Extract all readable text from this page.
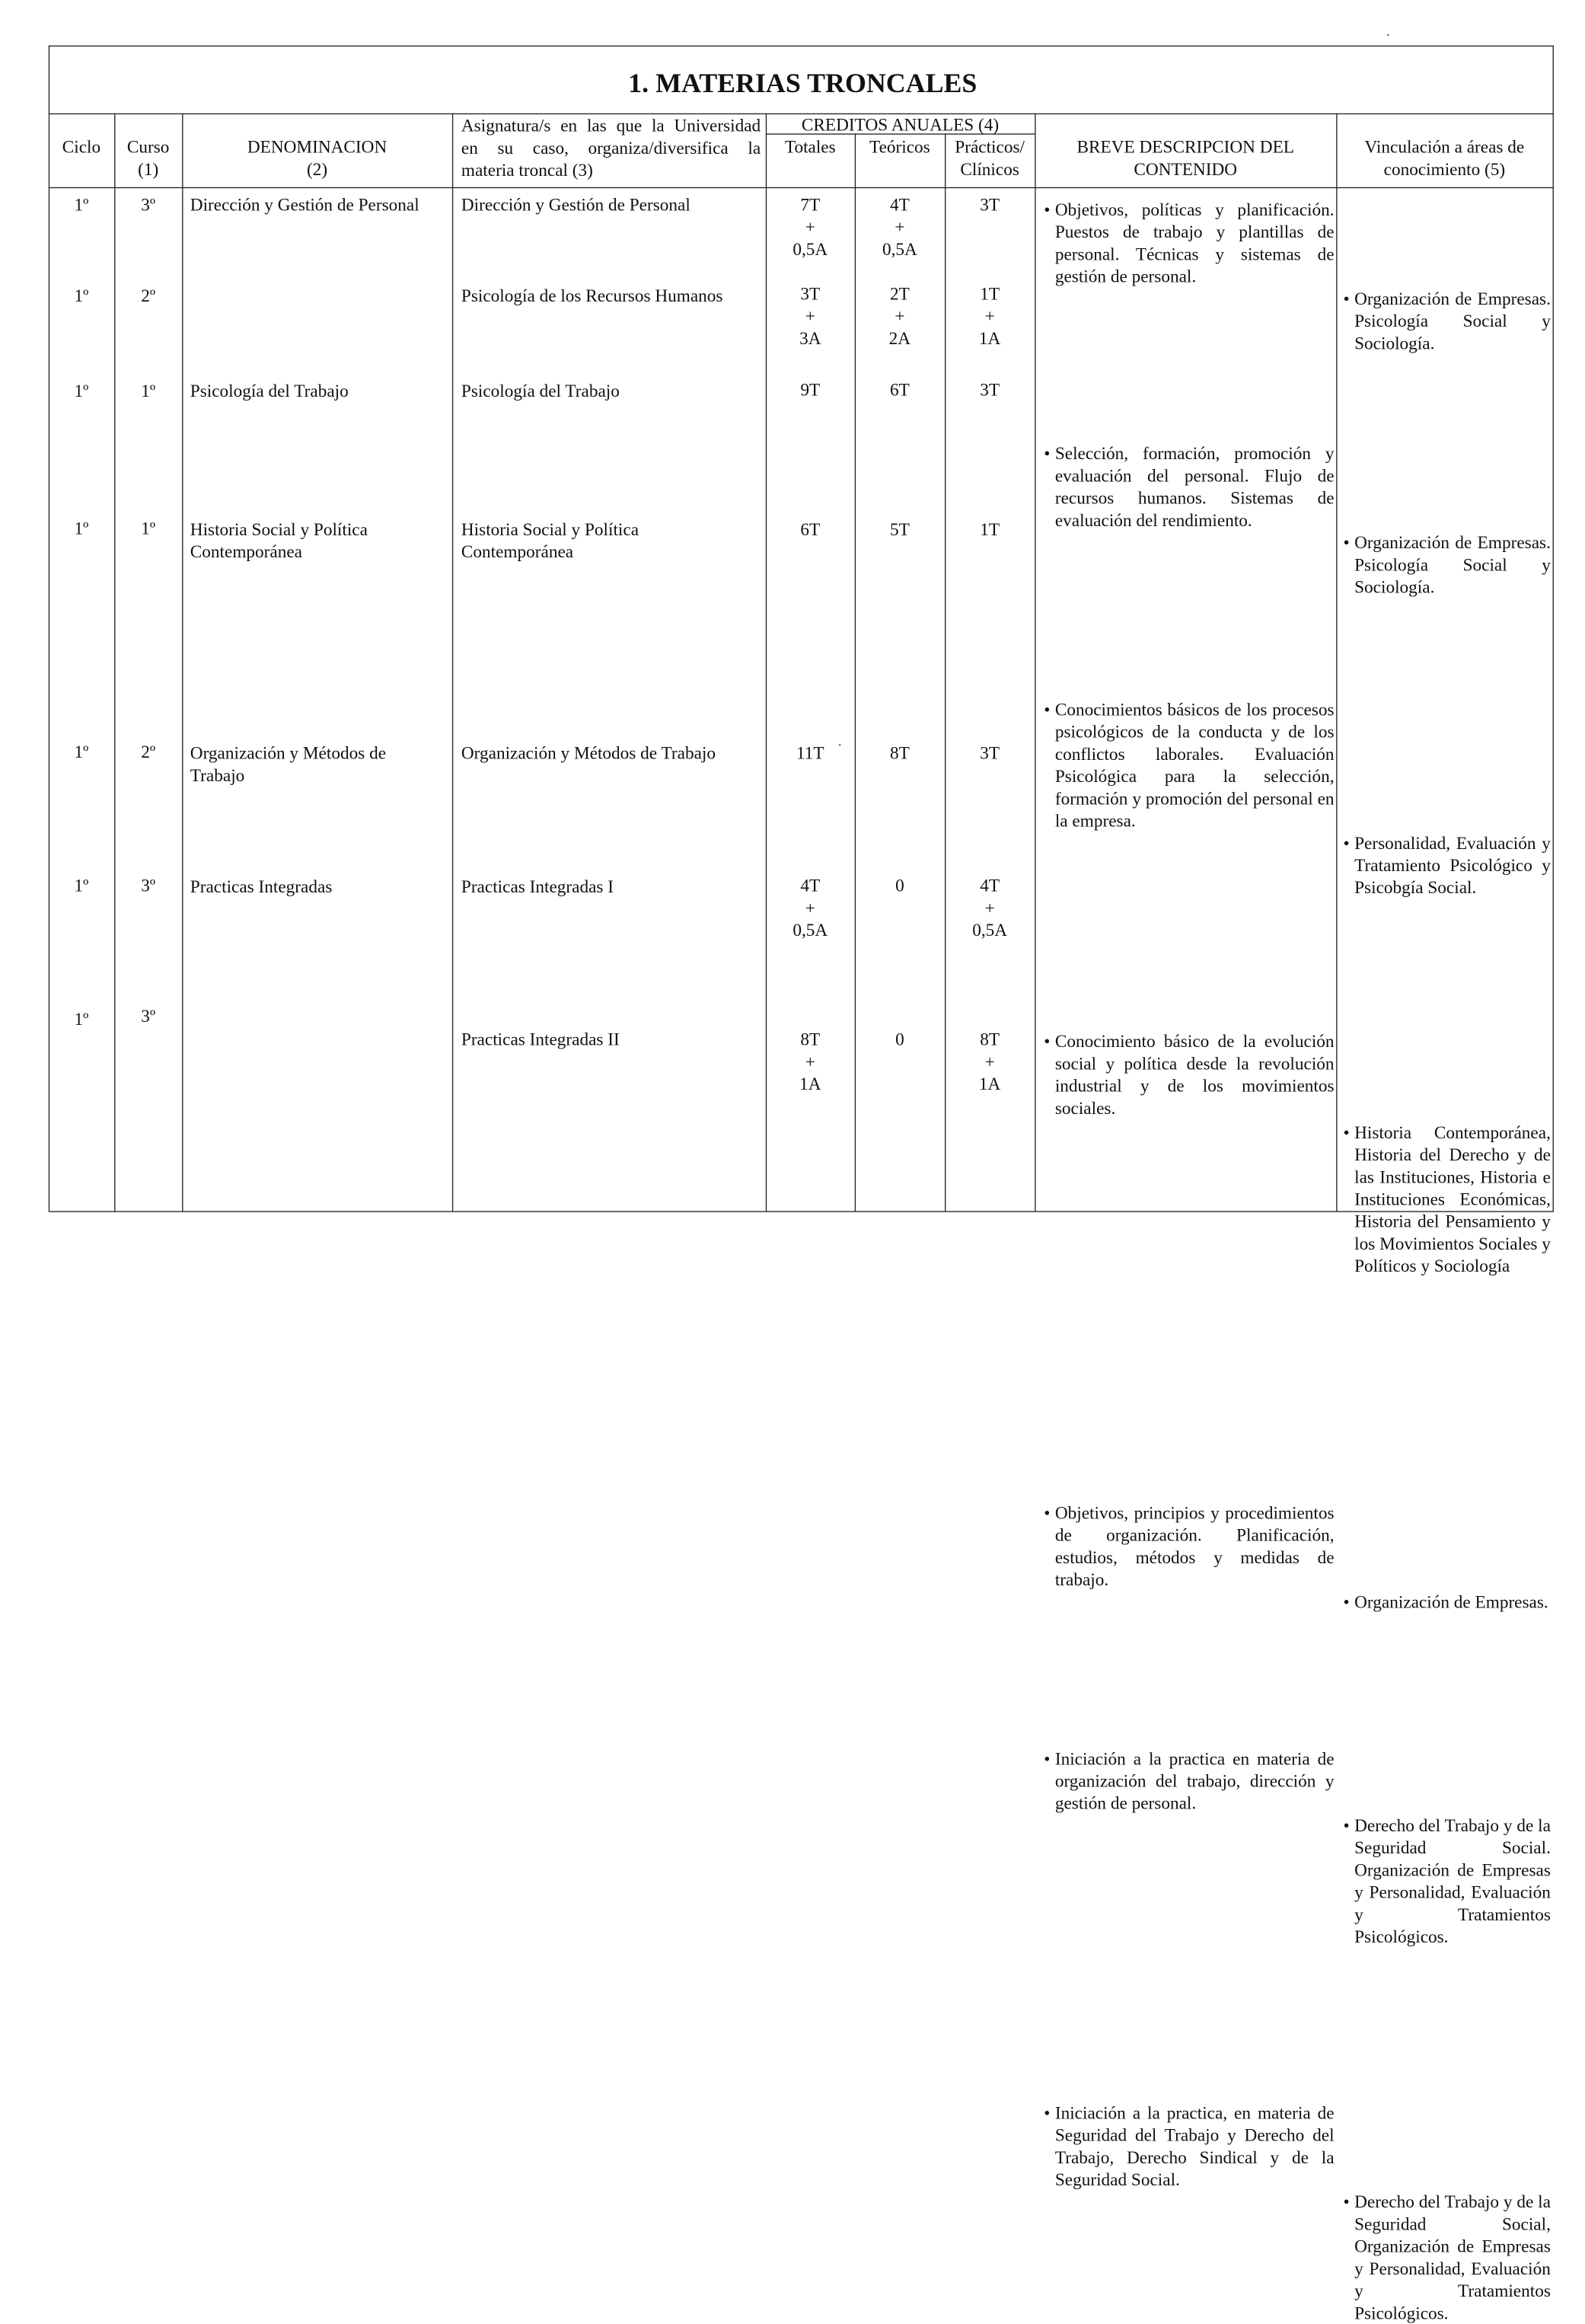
1. MATERIAS TRONCALES
Ciclo	Curso
(1)
DENOMINACION
(2)
Asignatura/s en las que la Universidad
en su caso, organiza/diversifica la
materia troncal (3)
CREDITOS ANUALES (4)
Totales	Teóricos	Prácticos/
Clínicos
BREVE DESCRIPCION DEL
CONTENIDO
Vinculación a áreas de
conocimiento (5)
1º	3º	Dirección y Gestión de Personal	Dirección y Gestión de Personal	7T
+
0,5A
4T
+
0,5A
3T
•	Objetivos, políticas y planificación. Puestos de trabajo y plantillas de personal. Técnicas y sistemas de gestión de personal.
• Organización de Empresas. Psicología Social y Sociología.
1º	2º	Psicología de los Recursos Humanos	3T
+
3A
2T
+
2A
1T
+
1A
• Selección, formación, promoción y evaluación del personal. Flujo de recursos humanos. Sistemas de evaluación del rendimiento.
• Organización de Empresas. Psicología Social y Sociología.
1º	1º	Psicología del Trabajo	Psicología del Trabajo	9T	6T	3T
• Conocimientos básicos de los procesos psicológicos de la conducta y de los conflictos laborales. Evaluación Psicológica para la selección, formación y promoción del personal en la empresa.
• Personalidad, Evaluación y Tratamiento Psicológico y Psicobgía Social.
1º	1º	Historia Social y Política Contemporánea
Historia Social y Política Contemporánea
6T	5T	1T
• Conocimiento básico de la evolución social y política desde la revolución industrial y de los movimientos sociales.
• Historia Contemporánea, Historia del Derecho y de las Instituciones, Historia e Instituciones Económicas, Historia del Pensamiento y los Movimientos Sociales y Políticos y Sociología
1º	2º	Organización y Métodos de Trabajo
Organización y Métodos de Trabajo	11T	8T	3T
• Objetivos, principios y procedimientos de organización. Planificación, estudios, métodos y medidas de trabajo.
• Organización de Empresas.
1º	3º	Practicas Integradas	Practicas Integradas I	4T
+
0,5A
0	4T
+
0,5A
• Iniciación a la practica en materia de organización del trabajo, dirección y gestión de personal.
• Derecho del Trabajo y de la Seguridad Social. Organización de Empresas y Personalidad, Evaluación y Tratamientos Psicológicos.
1º	3º
Practicas Integradas II	8T
+
1A
0	8T
+
1A
• Iniciación a la practica, en materia de Seguridad del Trabajo y Derecho del Trabajo, Derecho Sindical y de la Seguridad Social.
• Derecho del Trabajo y de la Seguridad Social, Organización de Empresas y Personalidad, Evaluación y Tratamientos Psicológicos.
·
·
